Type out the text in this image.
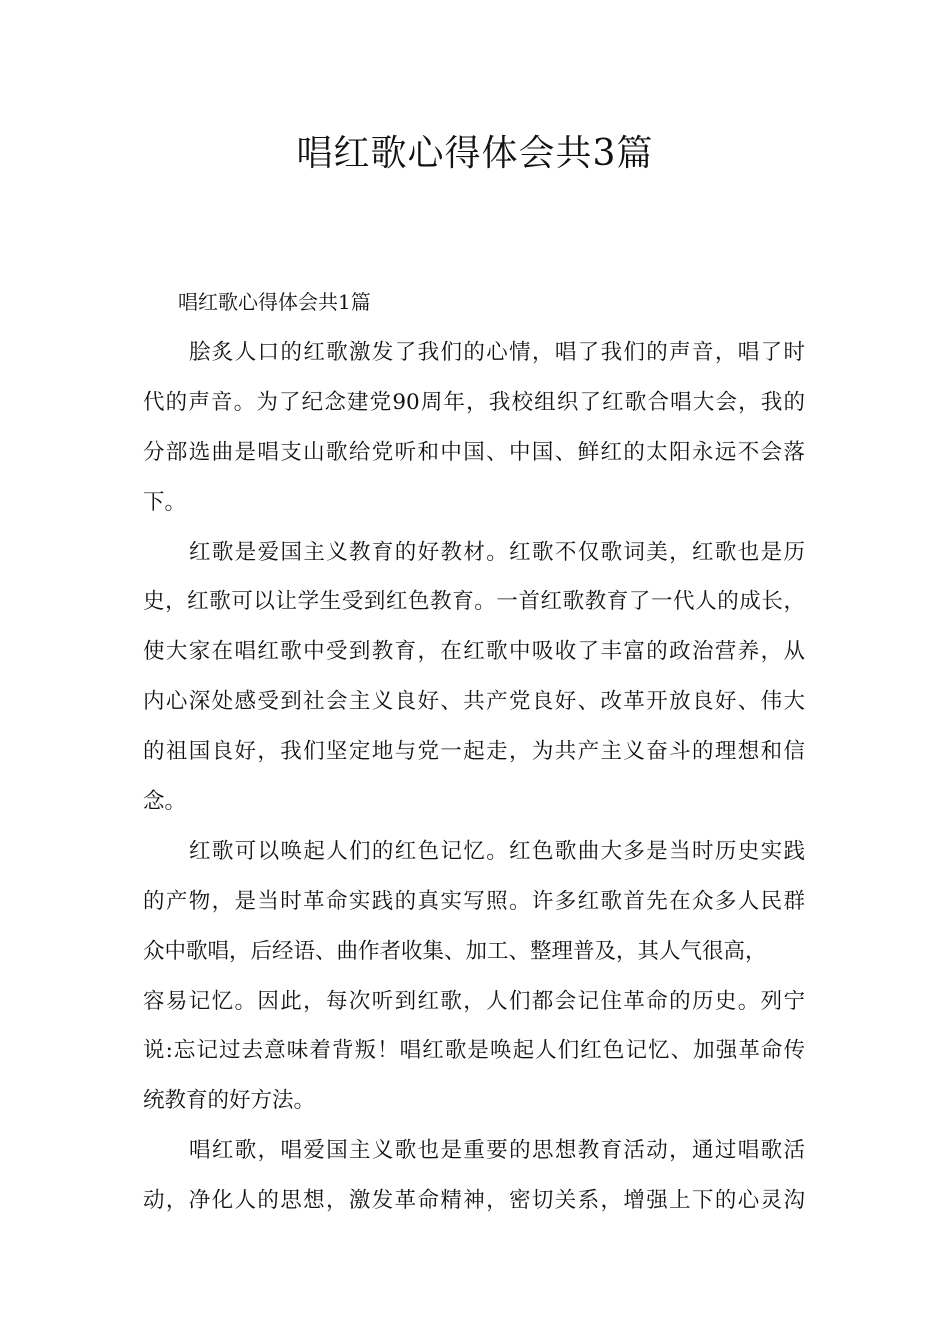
唱红歌心得体会共3篇

唱红歌心得体会共1篇

脍炙人口的红歌激发了我们的心情，唱了我们的声音，唱了时
代的声音。为了纪念建党90周年，我校组织了红歌合唱大会，我的
分部选曲是唱支山歌给党听和中国、中国、鲜红的太阳永远不会落
下。
红歌是爱国主义教育的好教材。红歌不仅歌词美，红歌也是历
史，红歌可以让学生受到红色教育。一首红歌教育了一代人的成长，
使大家在唱红歌中受到教育，在红歌中吸收了丰富的政治营养，从
内心深处感受到社会主义良好、共产党良好、改革开放良好、伟大
的祖国良好，我们坚定地与党一起走，为共产主义奋斗的理想和信
念。
红歌可以唤起人们的红色记忆。红色歌曲大多是当时历史实践
的产物，是当时革命实践的真实写照。许多红歌首先在众多人民群
众中歌唱，后经语、曲作者收集、加工、整理普及，其人气很高，
容易记忆。因此，每次听到红歌，人们都会记住革命的历史。列宁
说:忘记过去意味着背叛！唱红歌是唤起人们红色记忆、加强革命传
统教育的好方法。
唱红歌，唱爱国主义歌也是重要的思想教育活动，通过唱歌活
动，净化人的思想，激发革命精神，密切关系，增强上下的心灵沟
